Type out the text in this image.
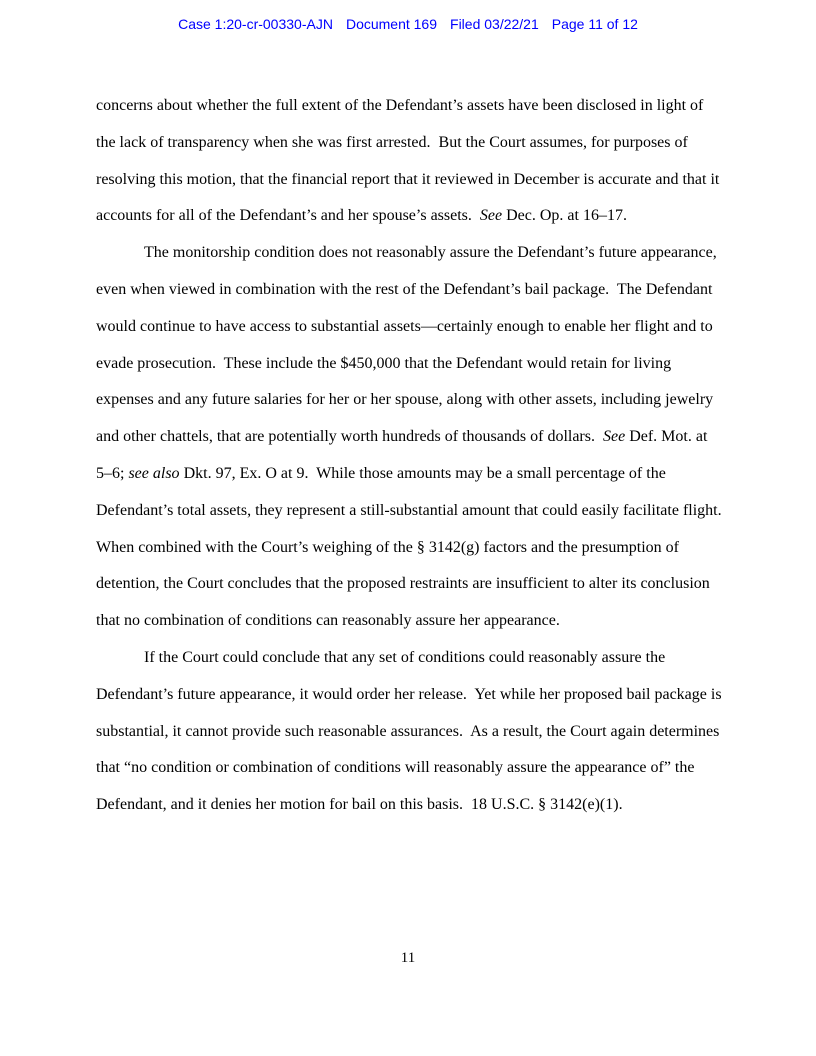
Case 1:20-cr-00330-AJN Document 169 Filed 03/22/21 Page 11 of 12

concerns about whether the full extent of the Defendant’s assets have been disclosed in light of the lack of transparency when she was first arrested.  But the Court assumes, for purposes of resolving this motion, that the financial report that it reviewed in December is accurate and that it accounts for all of the Defendant’s and her spouse’s assets.  See Dec. Op. at 16–17.

The monitorship condition does not reasonably assure the Defendant’s future appearance, even when viewed in combination with the rest of the Defendant’s bail package.  The Defendant would continue to have access to substantial assets—certainly enough to enable her flight and to evade prosecution.  These include the $450,000 that the Defendant would retain for living expenses and any future salaries for her or her spouse, along with other assets, including jewelry and other chattels, that are potentially worth hundreds of thousands of dollars.  See Def. Mot. at 5–6; see also Dkt. 97, Ex. O at 9.  While those amounts may be a small percentage of the Defendant’s total assets, they represent a still-substantial amount that could easily facilitate flight.  When combined with the Court’s weighing of the § 3142(g) factors and the presumption of detention, the Court concludes that the proposed restraints are insufficient to alter its conclusion that no combination of conditions can reasonably assure her appearance.

If the Court could conclude that any set of conditions could reasonably assure the Defendant’s future appearance, it would order her release.  Yet while her proposed bail package is substantial, it cannot provide such reasonable assurances.  As a result, the Court again determines that “no condition or combination of conditions will reasonably assure the appearance of” the Defendant, and it denies her motion for bail on this basis.  18 U.S.C. § 3142(e)(1).

11
